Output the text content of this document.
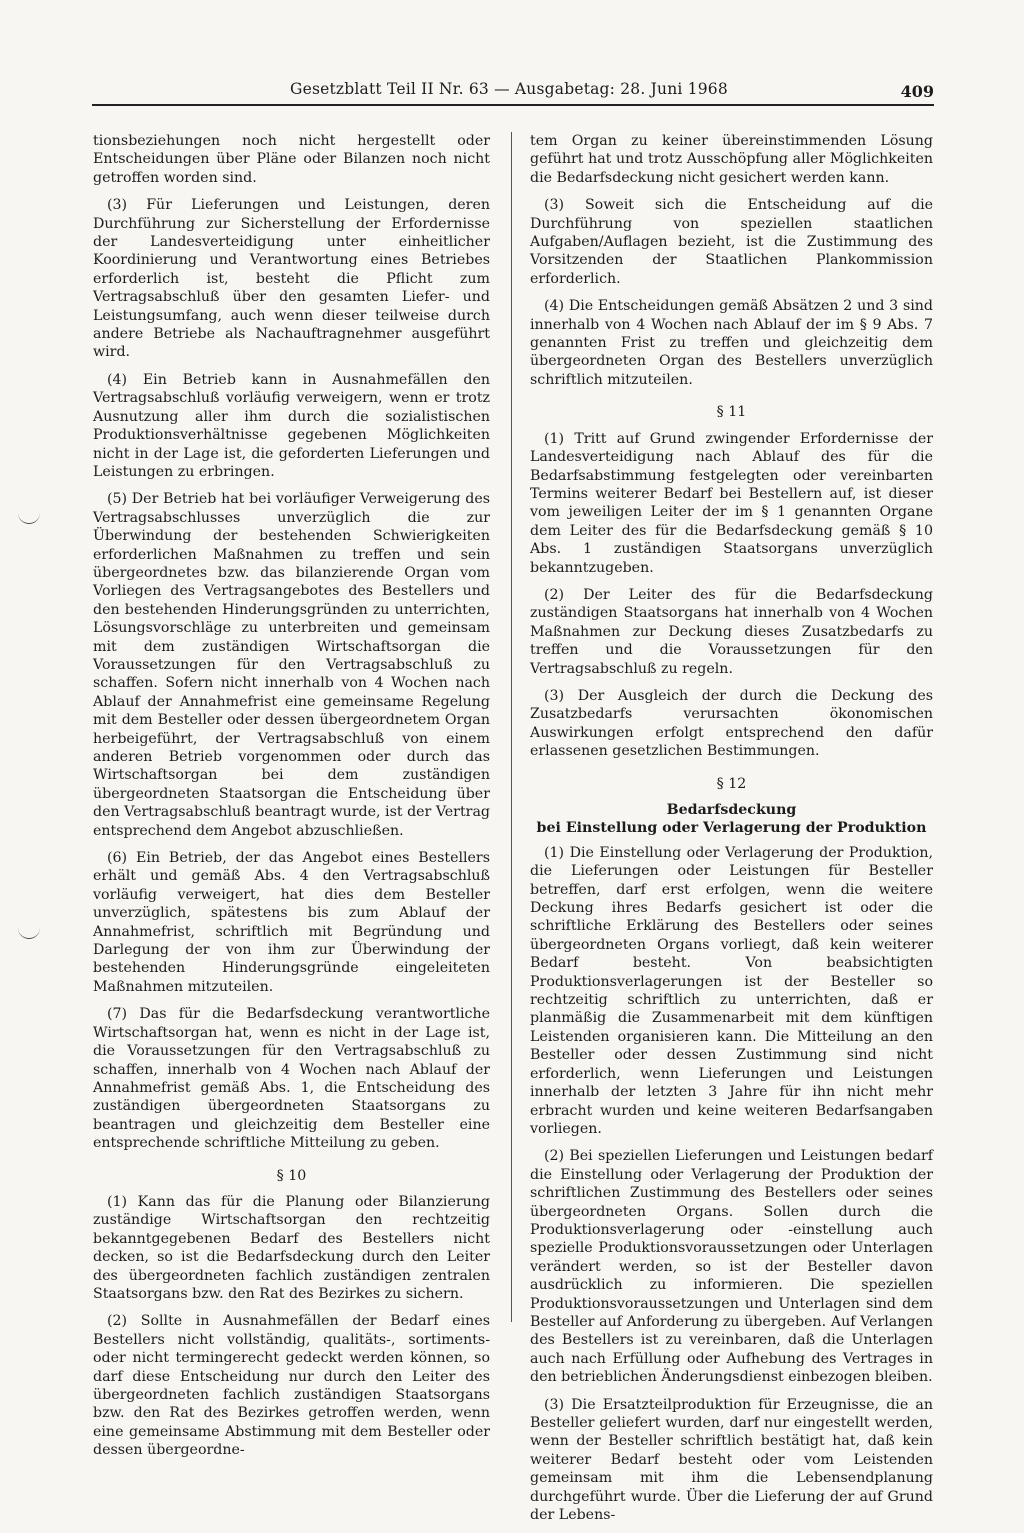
Gesetzblatt Teil II Nr. 63 — Ausgabetag: 28. Juni 1968	409

tionsbeziehungen noch nicht hergestellt oder Entscheidungen über Pläne oder Bilanzen noch nicht getroffen worden sind.

(3) Für Lieferungen und Leistungen, deren Durchführung zur Sicherstellung der Erfordernisse der Landesverteidigung unter einheitlicher Koordinierung und Verantwortung eines Betriebes erforderlich ist, besteht die Pflicht zum Vertragsabschluß über den gesamten Liefer- und Leistungsumfang, auch wenn dieser teilweise durch andere Betriebe als Nachauftragnehmer ausgeführt wird.

(4) Ein Betrieb kann in Ausnahmefällen den Vertragsabschluß vorläufig verweigern, wenn er trotz Ausnutzung aller ihm durch die sozialistischen Produktionsverhältnisse gegebenen Möglichkeiten nicht in der Lage ist, die geforderten Lieferungen und Leistungen zu erbringen.

(5) Der Betrieb hat bei vorläufiger Verweigerung des Vertragsabschlusses unverzüglich die zur Überwindung der bestehenden Schwierigkeiten erforderlichen Maßnahmen zu treffen und sein übergeordnetes bzw. das bilanzierende Organ vom Vorliegen des Vertragsangebotes des Bestellers und den bestehenden Hinderungsgründen zu unterrichten, Lösungsvorschläge zu unterbreiten und gemeinsam mit dem zuständigen Wirtschaftsorgan die Voraussetzungen für den Vertragsabschluß zu schaffen. Sofern nicht innerhalb von 4 Wochen nach Ablauf der Annahmefrist eine gemeinsame Regelung mit dem Besteller oder dessen übergeordnetem Organ herbeigeführt, der Vertragsabschluß von einem anderen Betrieb vorgenommen oder durch das Wirtschaftsorgan bei dem zuständigen übergeordneten Staatsorgan die Entscheidung über den Vertragsabschluß beantragt wurde, ist der Vertrag entsprechend dem Angebot abzuschließen.

(6) Ein Betrieb, der das Angebot eines Bestellers erhält und gemäß Abs. 4 den Vertragsabschluß vorläufig verweigert, hat dies dem Besteller unverzüglich, spätestens bis zum Ablauf der Annahmefrist, schriftlich mit Begründung und Darlegung der von ihm zur Überwindung der bestehenden Hinderungsgründe eingeleiteten Maßnahmen mitzuteilen.

(7) Das für die Bedarfsdeckung verantwortliche Wirtschaftsorgan hat, wenn es nicht in der Lage ist, die Voraussetzungen für den Vertragsabschluß zu schaffen, innerhalb von 4 Wochen nach Ablauf der Annahmefrist gemäß Abs. 1, die Entscheidung des zuständigen übergeordneten Staatsorgans zu beantragen und gleichzeitig dem Besteller eine entsprechende schriftliche Mitteilung zu geben.

§ 10

(1) Kann das für die Planung oder Bilanzierung zuständige Wirtschaftsorgan den rechtzeitig bekanntgegebenen Bedarf des Bestellers nicht decken, so ist die Bedarfsdeckung durch den Leiter des übergeordneten fachlich zuständigen zentralen Staatsorgans bzw. den Rat des Bezirkes zu sichern.

(2) Sollte in Ausnahmefällen der Bedarf eines Bestellers nicht vollständig, qualitäts-, sortiments- oder nicht termingerecht gedeckt werden können, so darf diese Entscheidung nur durch den Leiter des übergeordneten fachlich zuständigen Staatsorgans bzw. den Rat des Bezirkes getroffen werden, wenn eine gemeinsame Abstimmung mit dem Besteller oder dessen übergeordne-

tem Organ zu keiner übereinstimmenden Lösung geführt hat und trotz Ausschöpfung aller Möglichkeiten die Bedarfsdeckung nicht gesichert werden kann.

(3) Soweit sich die Entscheidung auf die Durchführung von speziellen staatlichen Aufgaben/Auflagen bezieht, ist die Zustimmung des Vorsitzenden der Staatlichen Plankommission erforderlich.

(4) Die Entscheidungen gemäß Absätzen 2 und 3 sind innerhalb von 4 Wochen nach Ablauf der im § 9 Abs. 7 genannten Frist zu treffen und gleichzeitig dem übergeordneten Organ des Bestellers unverzüglich schriftlich mitzuteilen.

§ 11

(1) Tritt auf Grund zwingender Erfordernisse der Landesverteidigung nach Ablauf des für die Bedarfsabstimmung festgelegten oder vereinbarten Termins weiterer Bedarf bei Bestellern auf, ist dieser vom jeweiligen Leiter der im § 1 genannten Organe dem Leiter des für die Bedarfsdeckung gemäß § 10 Abs. 1 zuständigen Staatsorgans unverzüglich bekanntzugeben.

(2) Der Leiter des für die Bedarfsdeckung zuständigen Staatsorgans hat innerhalb von 4 Wochen Maßnahmen zur Deckung dieses Zusatzbedarfs zu treffen und die Voraussetzungen für den Vertragsabschluß zu regeln.

(3) Der Ausgleich der durch die Deckung des Zusatzbedarfs verursachten ökonomischen Auswirkungen erfolgt entsprechend den dafür erlassenen gesetzlichen Bestimmungen.

§ 12

Bedarfsdeckung

bei Einstellung oder Verlagerung der Produktion

(1) Die Einstellung oder Verlagerung der Produktion, die Lieferungen oder Leistungen für Besteller betreffen, darf erst erfolgen, wenn die weitere Deckung ihres Bedarfs gesichert ist oder die schriftliche Erklärung des Bestellers oder seines übergeordneten Organs vorliegt, daß kein weiterer Bedarf besteht. Von beabsichtigten Produktionsverlagerungen ist der Besteller so rechtzeitig schriftlich zu unterrichten, daß er planmäßig die Zusammenarbeit mit dem künftigen Leistenden organisieren kann. Die Mitteilung an den Besteller oder dessen Zustimmung sind nicht erforderlich, wenn Lieferungen und Leistungen innerhalb der letzten 3 Jahre für ihn nicht mehr erbracht wurden und keine weiteren Bedarfsangaben vorliegen.

(2) Bei speziellen Lieferungen und Leistungen bedarf die Einstellung oder Verlagerung der Produktion der schriftlichen Zustimmung des Bestellers oder seines übergeordneten Organs. Sollen durch die Produktionsverlagerung oder -einstellung auch spezielle Produktionsvoraussetzungen oder Unterlagen verändert werden, so ist der Besteller davon ausdrücklich zu informieren. Die speziellen Produktionsvoraussetzungen und Unterlagen sind dem Besteller auf Anforderung zu übergeben. Auf Verlangen des Bestellers ist zu vereinbaren, daß die Unterlagen auch nach Erfüllung oder Aufhebung des Vertrages in den betrieblichen Änderungsdienst einbezogen bleiben.

(3) Die Ersatzteilproduktion für Erzeugnisse, die an Besteller geliefert wurden, darf nur eingestellt werden, wenn der Besteller schriftlich bestätigt hat, daß kein weiterer Bedarf besteht oder vom Leistenden gemeinsam mit ihm die Lebensendplanung durchgeführt wurde. Über die Lieferung der auf Grund der Lebens-
